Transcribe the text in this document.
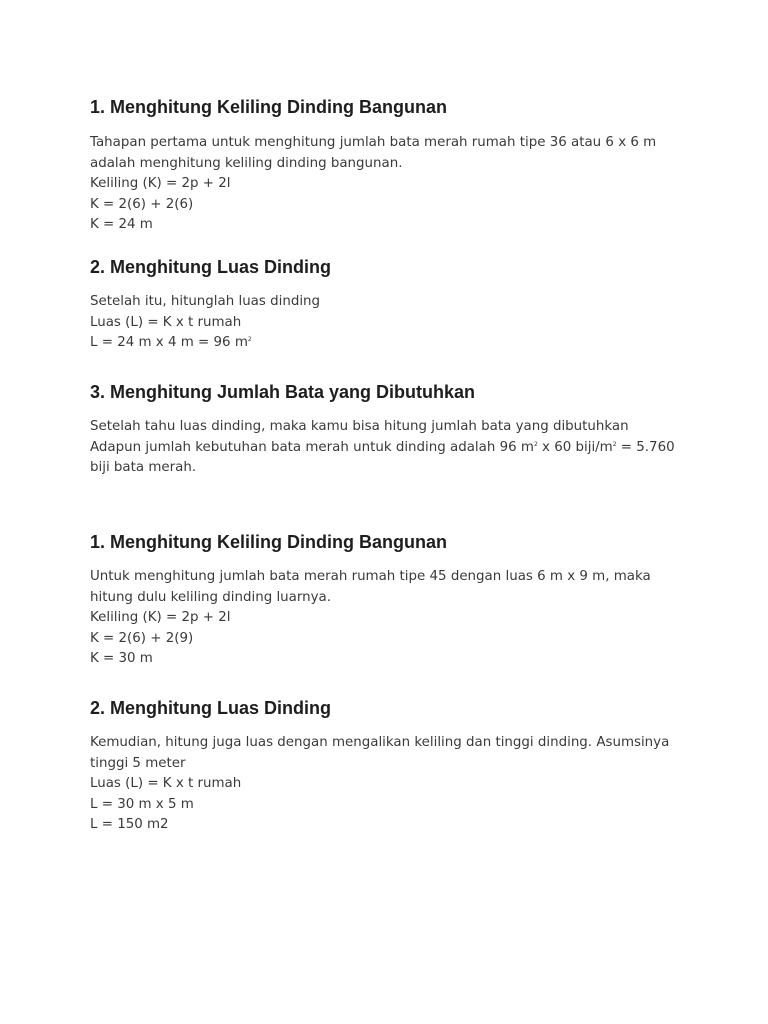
1. Menghitung Keliling Dinding Bangunan
Tahapan pertama untuk menghitung jumlah bata merah rumah tipe 36 atau 6 x 6 m
adalah menghitung keliling dinding bangunan.
Keliling (K) = 2p + 2l
K = 2(6) + 2(6)
K = 24 m
2. Menghitung Luas Dinding
Setelah itu, hitunglah luas dinding
Luas (L) = K x t rumah
L = 24 m x 4 m = 96 $m^2$
3. Menghitung Jumlah Bata yang Dibutuhkan
Setelah tahu luas dinding, maka kamu bisa hitung jumlah bata yang dibutuhkan
Adapun jumlah kebutuhan bata merah untuk dinding adalah 96 $m^2$ x 60 biji/$m^2 = 5.760$
biji bata merah.

1. Menghitung Keliling Dinding Bangunan
Untuk menghitung jumlah bata merah rumah tipe 45 dengan luas 6 m x 9 m, maka
hitung dulu keliling dinding luarnya.
Keliling (K) = 2p + 2l
K = 2(6) + 2(9)
K = 30 m
2. Menghitung Luas Dinding
Kemudian, hitung juga luas dengan mengalikan keliling dan tinggi dinding. Asumsinya
tinggi 5 meter
Luas (L) = K x t rumah
L = 30 m x 5 m
L = 150 m2
